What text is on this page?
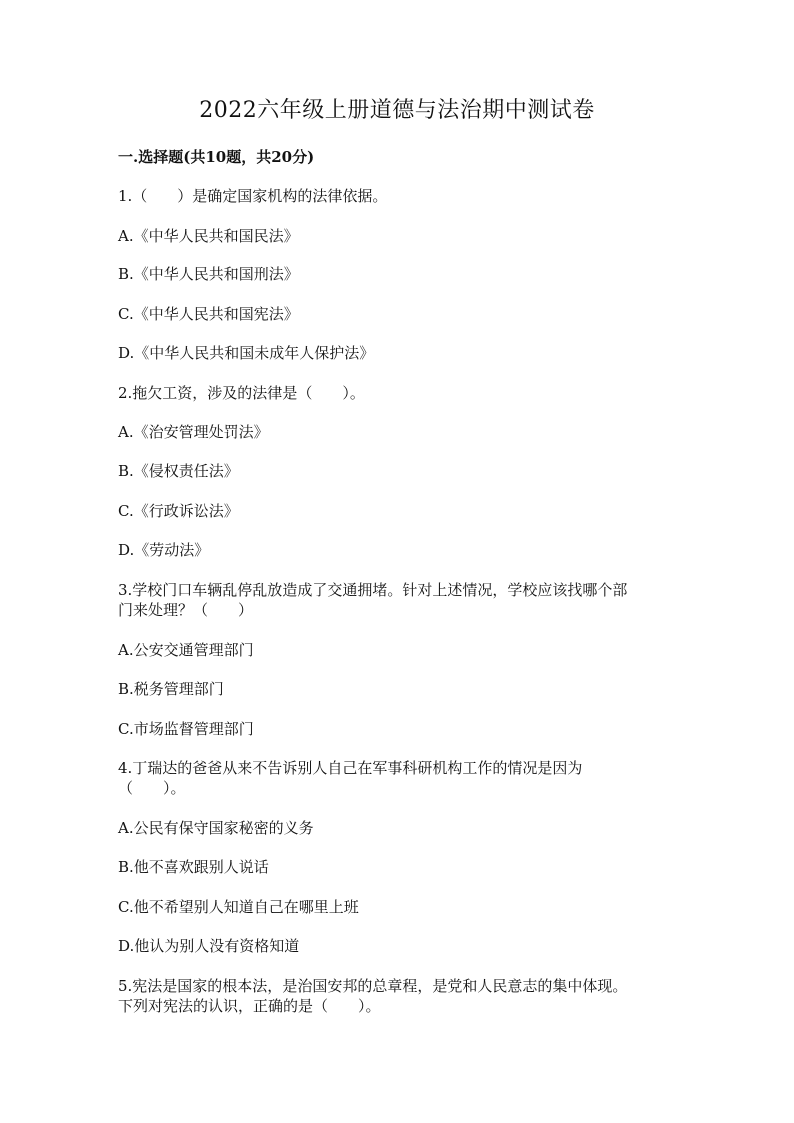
2022六年级上册道德与法治期中测试卷
一.选择题(共10题，共20分)
1.（　　）是确定国家机构的法律依据。
A.《中华人民共和国民法》
B.《中华人民共和国刑法》
C.《中华人民共和国宪法》
D.《中华人民共和国未成年人保护法》
2.拖欠工资，涉及的法律是（　　）。
A.《治安管理处罚法》
B.《侵权责任法》
C.《行政诉讼法》
D.《劳动法》
3.学校门口车辆乱停乱放造成了交通拥堵。针对上述情况，学校应该找哪个部
门来处理？（　　）
A.公安交通管理部门
B.税务管理部门
C.市场监督管理部门
4.丁瑞达的爸爸从来不告诉别人自己在军事科研机构工作的情况是因为
（　　）。
A.公民有保守国家秘密的义务
B.他不喜欢跟别人说话
C.他不希望别人知道自己在哪里上班
D.他认为别人没有资格知道
5.宪法是国家的根本法，是治国安邦的总章程，是党和人民意志的集中体现。
下列对宪法的认识，正确的是（　　）。
